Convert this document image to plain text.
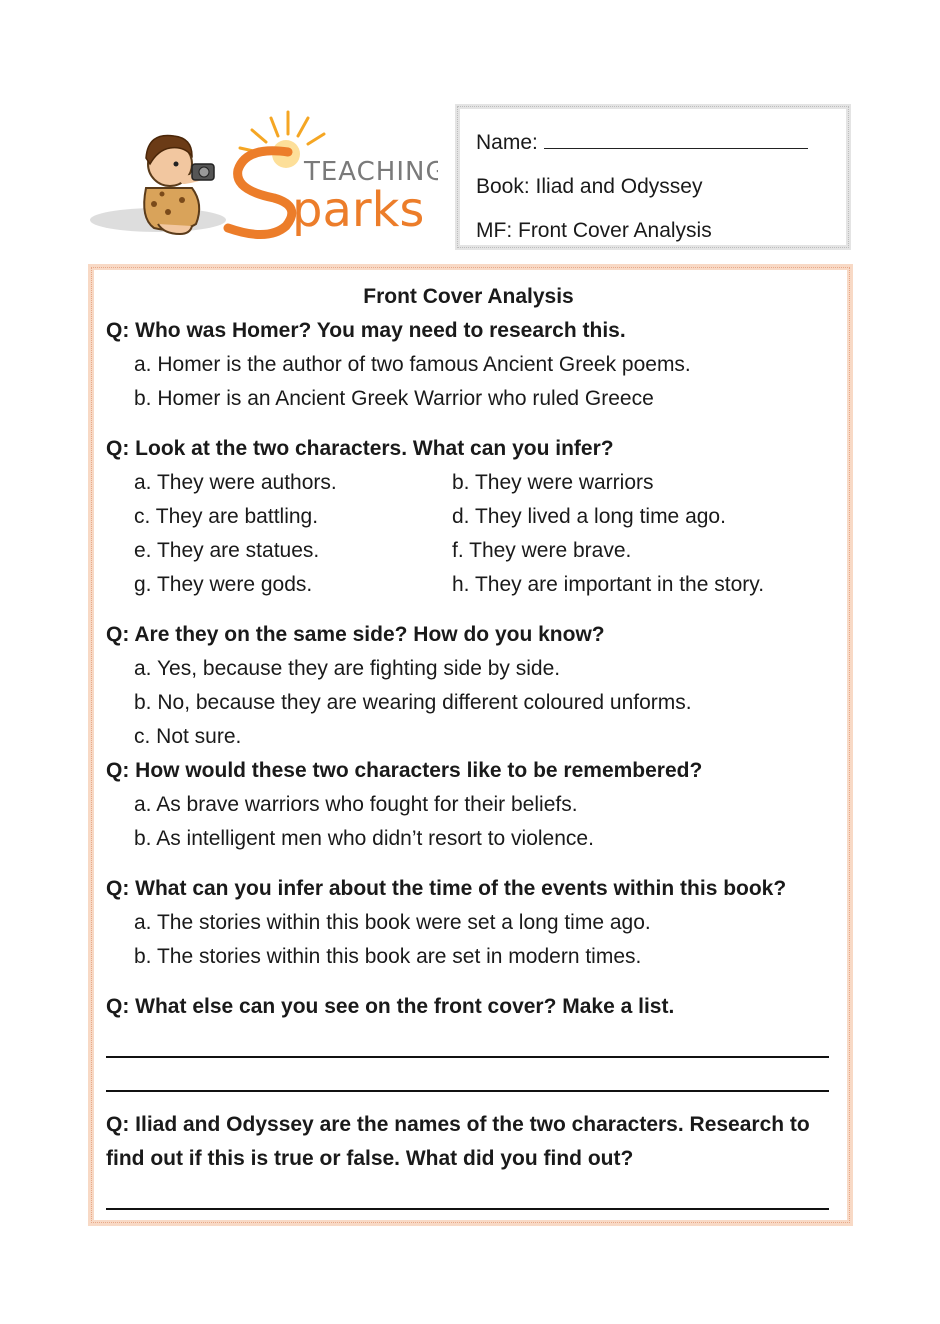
TEACHING
parks
Name:
Book: Iliad and Odyssey
MF: Front Cover Analysis
Front Cover Analysis
Q: Who was Homer? You may need to research this.
a. Homer is the author of two famous Ancient Greek poems.
b. Homer is an Ancient Greek Warrior who ruled Greece
Q: Look at the two characters. What can you infer?
a. They were authors.	b. They were warriors
c. They are battling.	d. They lived a long time ago.
e. They are statues.	f. They were brave.
g. They were gods.	h. They are important in the story.
Q: Are they on the same side? How do you know?
a. Yes, because they are fighting side by side.
b. No, because they are wearing different coloured unforms.
c. Not sure.
Q: How would these two characters like to be remembered?
a. As brave warriors who fought for their beliefs.
b. As intelligent men who didn’t resort to violence.
Q: What can you infer about the time of the events within this book?
a. The stories within this book were set a long time ago.
b. The stories within this book are set in modern times.
Q: What else can you see on the front cover? Make a list.
Q: Iliad and Odyssey are the names of the two characters. Research to find out if this is true or false. What did you find out?
